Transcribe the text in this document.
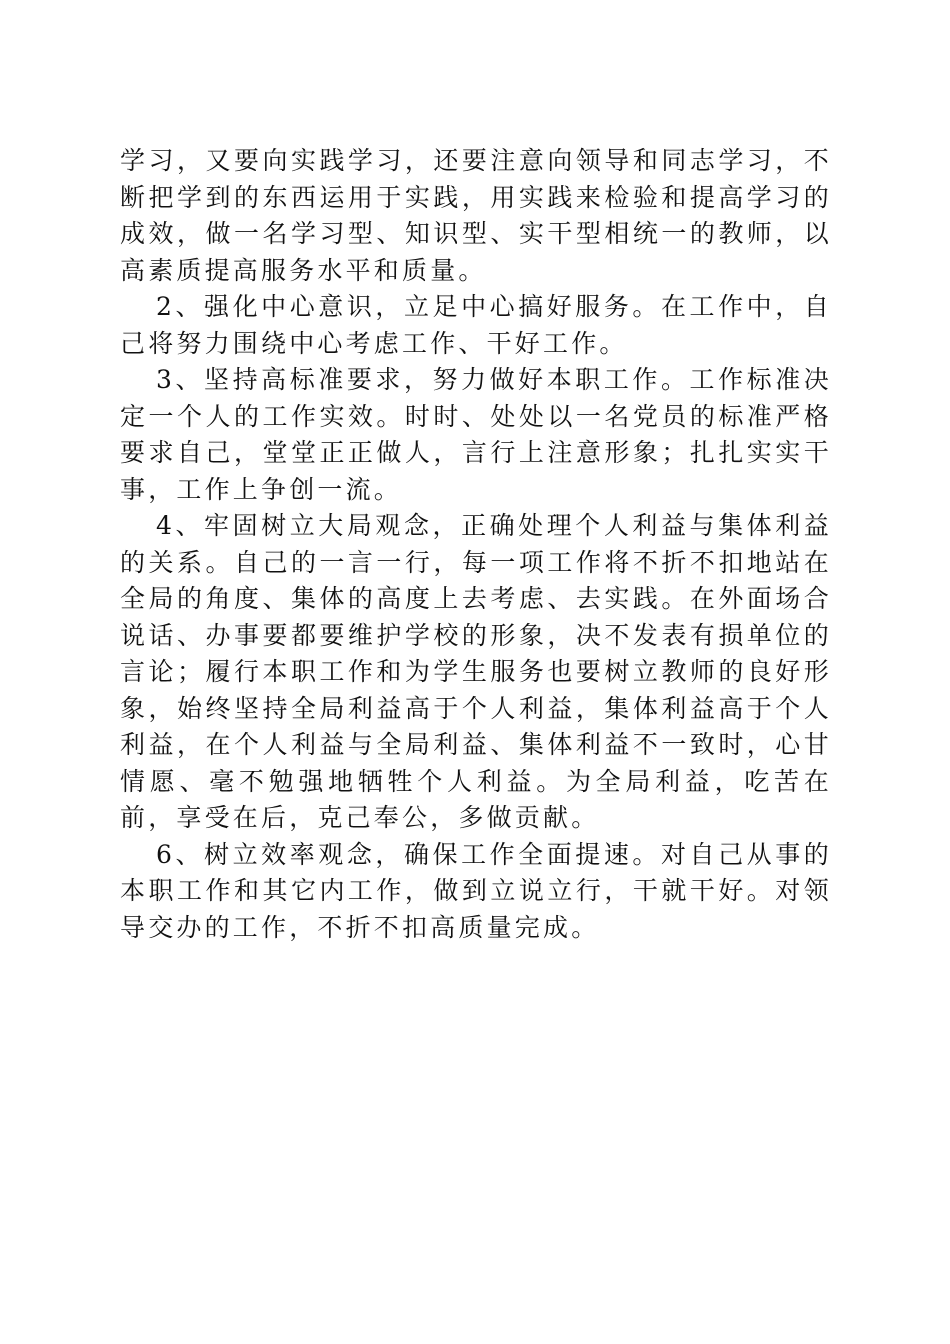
学习，又要向实践学习，还要注意向领导和同志学习，不断把学到的东西运用于实践，用实践来检验和提高学习的成效，做一名学习型、知识型、实干型相统一的教师，以高素质提高服务水平和质量。

2、强化中心意识，立足中心搞好服务。在工作中，自己将努力围绕中心考虑工作、干好工作。

3、坚持高标准要求，努力做好本职工作。工作标准决定一个人的工作实效。时时、处处以一名党员的标准严格要求自己，堂堂正正做人，言行上注意形象；扎扎实实干事，工作上争创一流。

4、牢固树立大局观念，正确处理个人利益与集体利益的关系。自己的一言一行，每一项工作将不折不扣地站在全局的角度、集体的高度上去考虑、去实践。在外面场合说话、办事要都要维护学校的形象，决不发表有损单位的言论；履行本职工作和为学生服务也要树立教师的良好形象，始终坚持全局利益高于个人利益，集体利益高于个人利益，在个人利益与全局利益、集体利益不一致时，心甘情愿、毫不勉强地牺牲个人利益。为全局利益，吃苦在前，享受在后，克己奉公，多做贡献。

6、树立效率观念，确保工作全面提速。对自己从事的本职工作和其它内工作，做到立说立行，干就干好。对领导交办的工作，不折不扣高质量完成。
